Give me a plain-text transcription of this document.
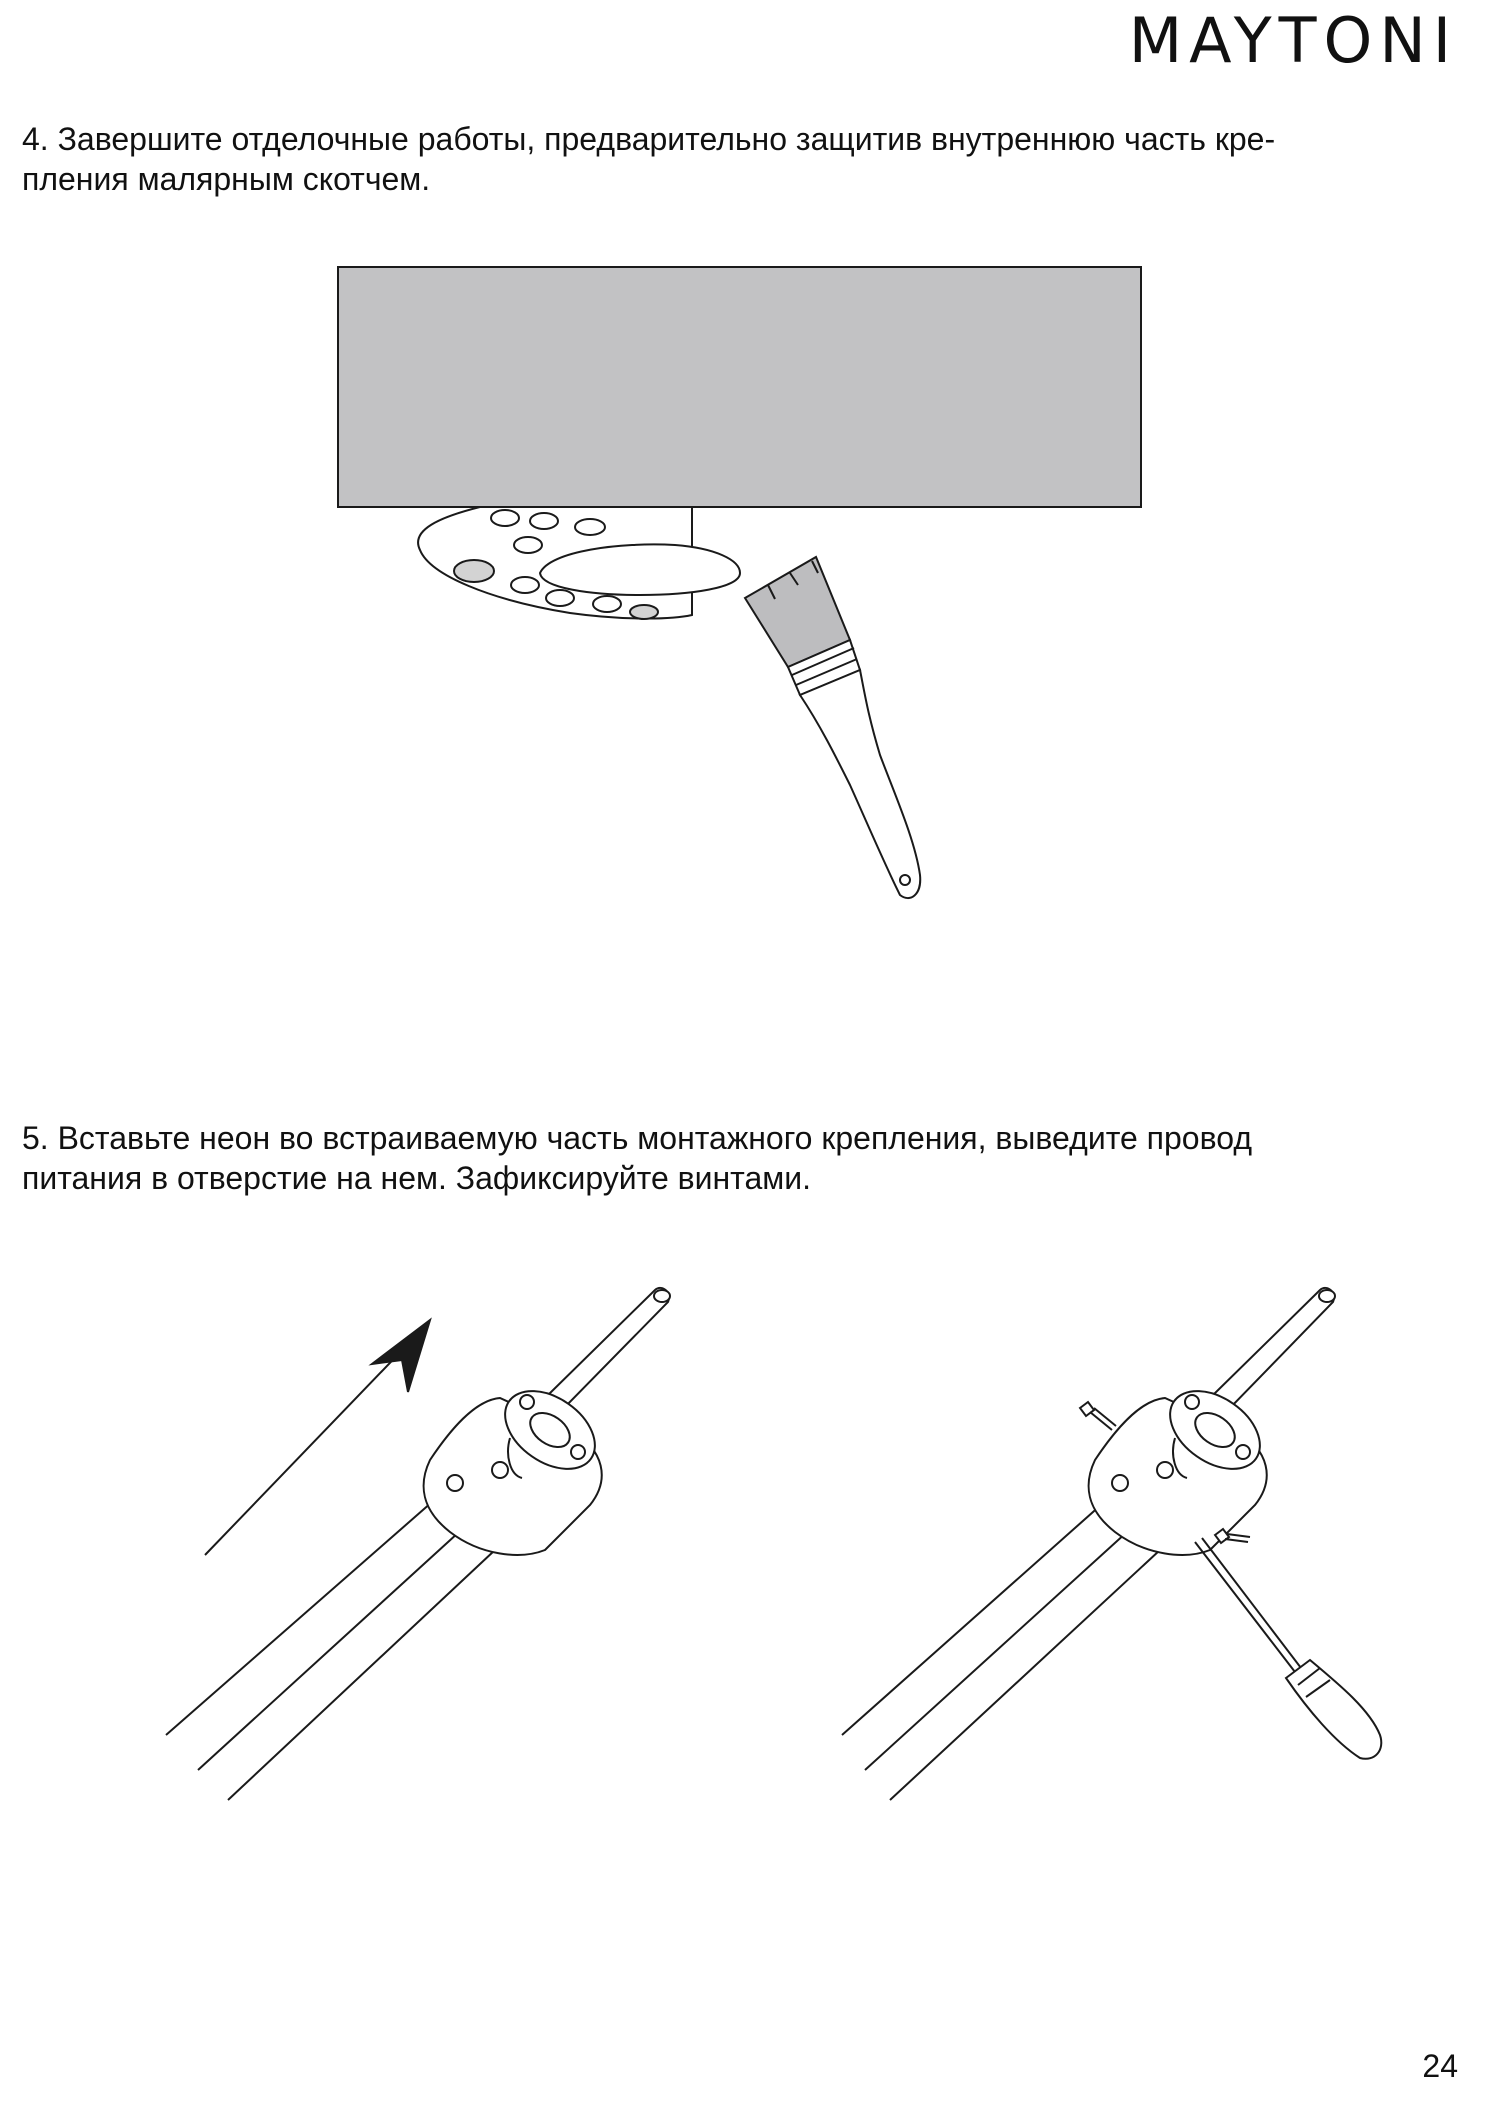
MAYTONI

4. Завершите отделочные работы, предварительно защитив внутреннюю часть кре-
пления малярным скотчем.

5. Вставьте неон во встраиваемую часть монтажного крепления, выведите провод
питания в отверстие на нем. Зафиксируйте винтами.

24
